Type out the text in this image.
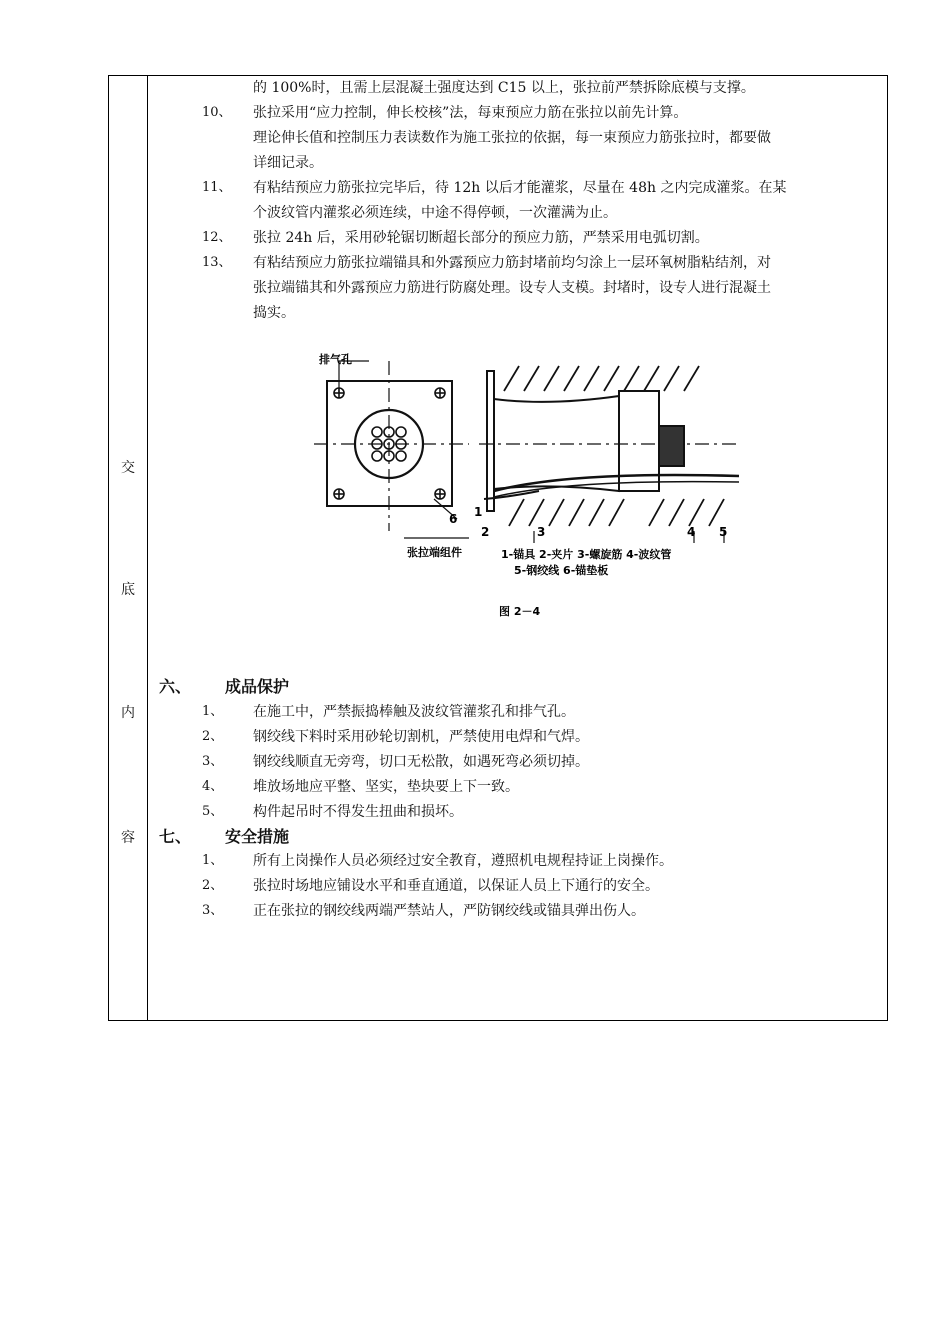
交
底
内
容
的 100%时，且需上层混凝土强度达到 C15 以上，张拉前严禁拆除底模与支撑。
10、 张拉采用“应力控制，伸长校核”法，每束预应力筋在张拉以前先计算。
理论伸长值和控制压力表读数作为施工张拉的依据，每一束预应力筋张拉时，都要做
详细记录。
11、 有粘结预应力筋张拉完毕后，待 12h 以后才能灌浆，尽量在 48h 之内完成灌浆。在某
个波纹管内灌浆必须连续，中途不得停顿，一次灌满为止。
12、 张拉 24h 后，采用砂轮锯切断超长部分的预应力筋，严禁采用电弧切割。
13、 有粘结预应力筋张拉端锚具和外露预应力筋封堵前均匀涂上一层环氧树脂粘结剂，对
张拉端锚其和外露预应力筋进行防腐处理。设专人支模。封堵时，设专人进行混凝土
捣实。
排气孔
6
张拉端组件
1
2	3	4 5
1-锚具 2-夹片 3-螺旋筋 4-波纹管
5-钢绞线 6-锚垫板
图 2－4
六、 成品保护
1、 在施工中，严禁振捣棒触及波纹管灌浆孔和排气孔。
2、 钢绞线下料时采用砂轮切割机，严禁使用电焊和气焊。
3、 钢绞线顺直无旁弯，切口无松散，如遇死弯必须切掉。
4、 堆放场地应平整、坚实，垫块要上下一致。
5、 构件起吊时不得发生扭曲和损坏。
七、 安全措施
1、 所有上岗操作人员必须经过安全教育，遵照机电规程持证上岗操作。
2、 张拉时场地应铺设水平和垂直通道，以保证人员上下通行的安全。
3、 正在张拉的钢绞线两端严禁站人，严防钢绞线或锚具弹出伤人。
